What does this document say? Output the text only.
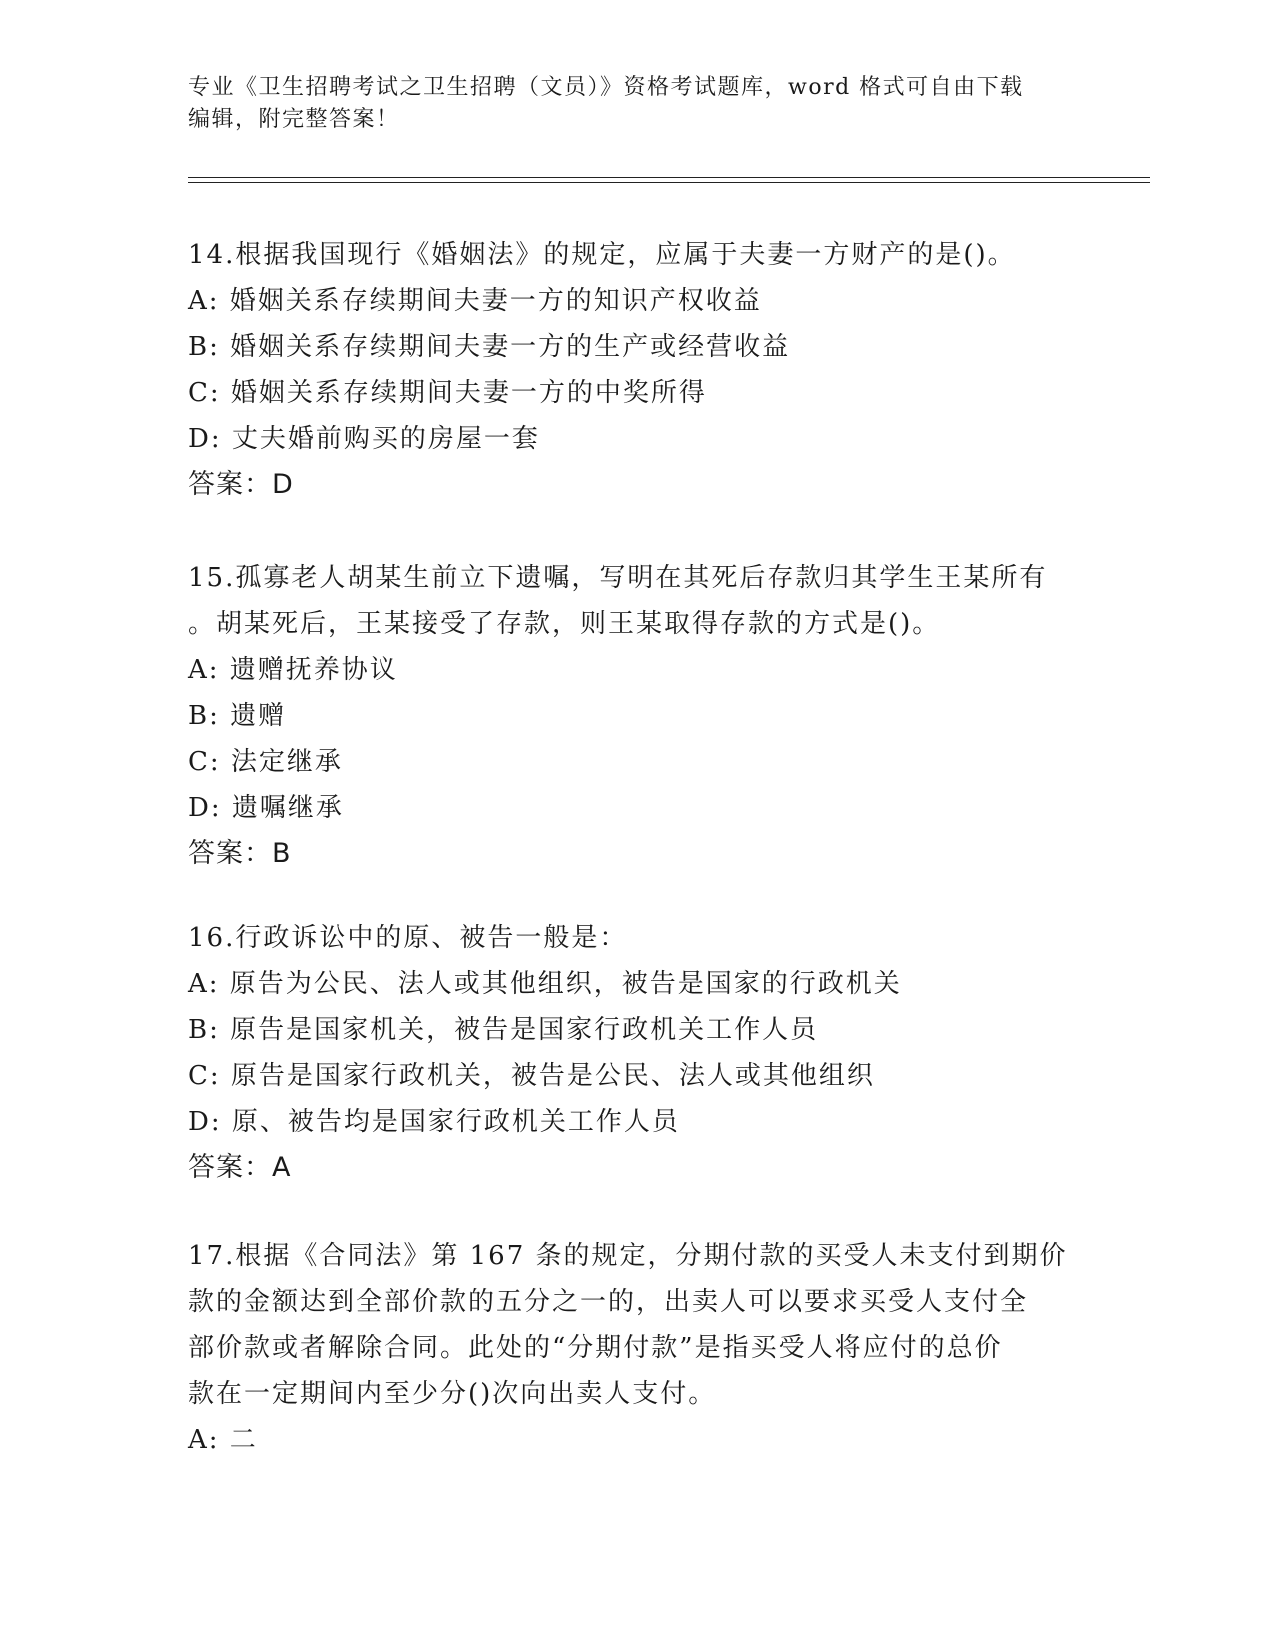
专业《卫生招聘考试之卫生招聘（文员）》资格考试题库，word 格式可自由下载
编辑，附完整答案！
14.根据我国现行《婚姻法》的规定，应属于夫妻一方财产的是()。
A: 婚姻关系存续期间夫妻一方的知识产权收益
B: 婚姻关系存续期间夫妻一方的生产或经营收益
C: 婚姻关系存续期间夫妻一方的中奖所得
D: 丈夫婚前购买的房屋一套
答案：D
15.孤寡老人胡某生前立下遗嘱，写明在其死后存款归其学生王某所有
。胡某死后，王某接受了存款，则王某取得存款的方式是()。
A: 遗赠抚养协议
B: 遗赠
C: 法定继承
D: 遗嘱继承
答案：B
16.行政诉讼中的原、被告一般是：
A: 原告为公民、法人或其他组织，被告是国家的行政机关
B: 原告是国家机关，被告是国家行政机关工作人员
C: 原告是国家行政机关，被告是公民、法人或其他组织
D: 原、被告均是国家行政机关工作人员
答案：A
17.根据《合同法》第 167 条的规定，分期付款的买受人未支付到期价
款的金额达到全部价款的五分之一的，出卖人可以要求买受人支付全
部价款或者解除合同。此处的“分期付款”是指买受人将应付的总价
款在一定期间内至少分()次向出卖人支付。
A: 二
